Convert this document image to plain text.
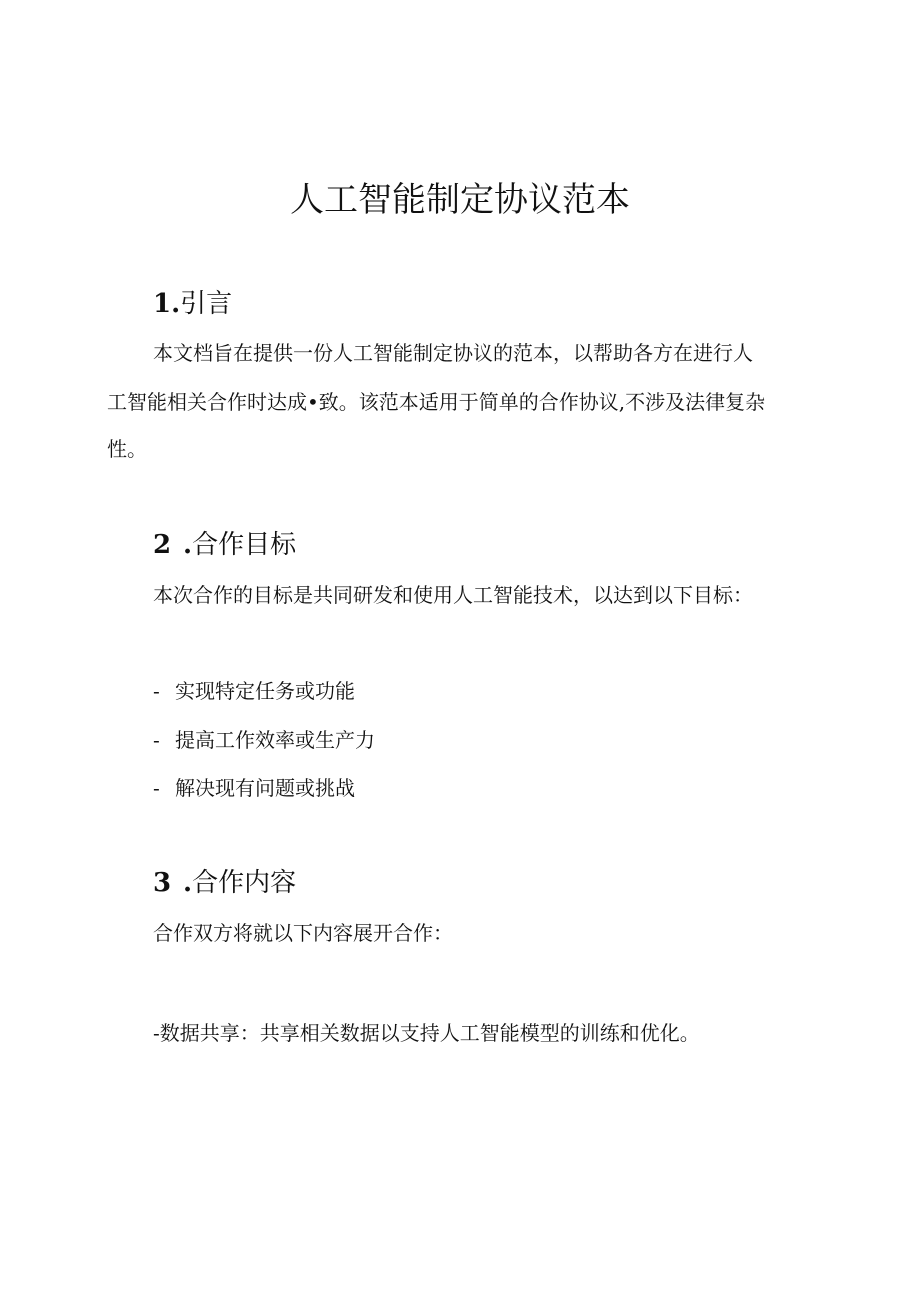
人工智能制定协议范本
1.引言

本文档旨在提供一份人工智能制定协议的范本，以帮助各方在进行人

工智能相关合作时达成•致。该范本适用于简单的合作协议,不涉及法律复杂

性。

2 .合作目标

本次合作的目标是共同研发和使用人工智能技术，以达到以下目标：

- 实现特定任务或功能

- 提高工作效率或生产力

- 解决现有问题或挑战

3 .合作内容

合作双方将就以下内容展开合作：

-数据共享：共享相关数据以支持人工智能模型的训练和优化。
